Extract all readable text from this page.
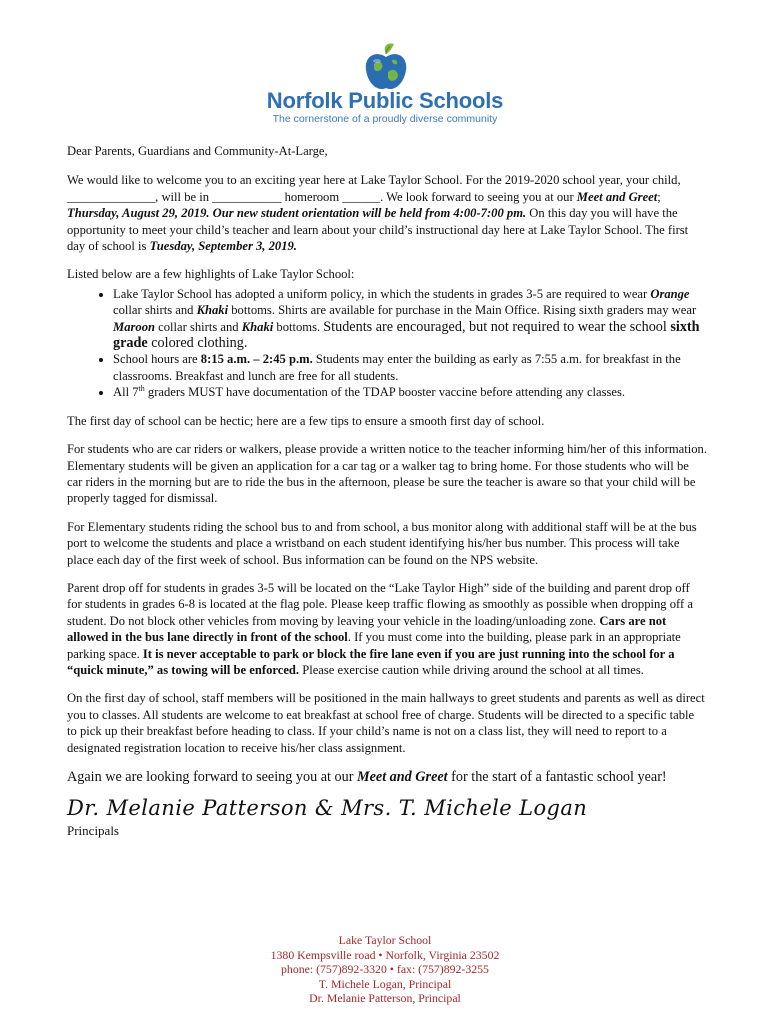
Norfolk Public Schools
The cornerstone of a proudly diverse community

Dear Parents, Guardians and Community-At-Large,

We would like to welcome you to an exciting year here at Lake Taylor School. For the 2019-2020 school year, your child, ______________, will be in ___________ homeroom ______. We look forward to seeing you at our Meet and Greet; Thursday, August 29, 2019. Our new student orientation will be held from 4:00-7:00 pm. On this day you will have the opportunity to meet your child’s teacher and learn about your child’s instructional day here at Lake Taylor School. The first day of school is Tuesday, September 3, 2019.

Listed below are a few highlights of Lake Taylor School:

• Lake Taylor School has adopted a uniform policy, in which the students in grades 3-5 are required to wear Orange collar shirts and Khaki bottoms. Shirts are available for purchase in the Main Office. Rising sixth graders may wear Maroon collar shirts and Khaki bottoms. Students are encouraged, but not required to wear the school sixth grade colored clothing.
• School hours are 8:15 a.m. – 2:45 p.m. Students may enter the building as early as 7:55 a.m. for breakfast in the classrooms. Breakfast and lunch are free for all students.
• All 7th graders MUST have documentation of the TDAP booster vaccine before attending any classes.

The first day of school can be hectic; here are a few tips to ensure a smooth first day of school.

For students who are car riders or walkers, please provide a written notice to the teacher informing him/her of this information. Elementary students will be given an application for a car tag or a walker tag to bring home. For those students who will be car riders in the morning but are to ride the bus in the afternoon, please be sure the teacher is aware so that your child will be properly tagged for dismissal.

For Elementary students riding the school bus to and from school, a bus monitor along with additional staff will be at the bus port to welcome the students and place a wristband on each student identifying his/her bus number. This process will take place each day of the first week of school. Bus information can be found on the NPS website.

Parent drop off for students in grades 3-5 will be located on the “Lake Taylor High” side of the building and parent drop off for students in grades 6-8 is located at the flag pole. Please keep traffic flowing as smoothly as possible when dropping off a student. Do not block other vehicles from moving by leaving your vehicle in the loading/unloading zone. Cars are not allowed in the bus lane directly in front of the school. If you must come into the building, please park in an appropriate parking space. It is never acceptable to park or block the fire lane even if you are just running into the school for a “quick minute,” as towing will be enforced. Please exercise caution while driving around the school at all times.

On the first day of school, staff members will be positioned in the main hallways to greet students and parents as well as direct you to classes. All students are welcome to eat breakfast at school free of charge. Students will be directed to a specific table to pick up their breakfast before heading to class. If your child’s name is not on a class list, they will need to report to a designated registration location to receive his/her class assignment.

Again we are looking forward to seeing you at our Meet and Greet for the start of a fantastic school year!

Dr. Melanie Patterson & Mrs. T. Michele Logan
Principals
Lake Taylor School
1380 Kempsville road • Norfolk, Virginia 23502
phone: (757)892-3320 • fax: (757)892-3255
T. Michele Logan, Principal
Dr. Melanie Patterson, Principal
